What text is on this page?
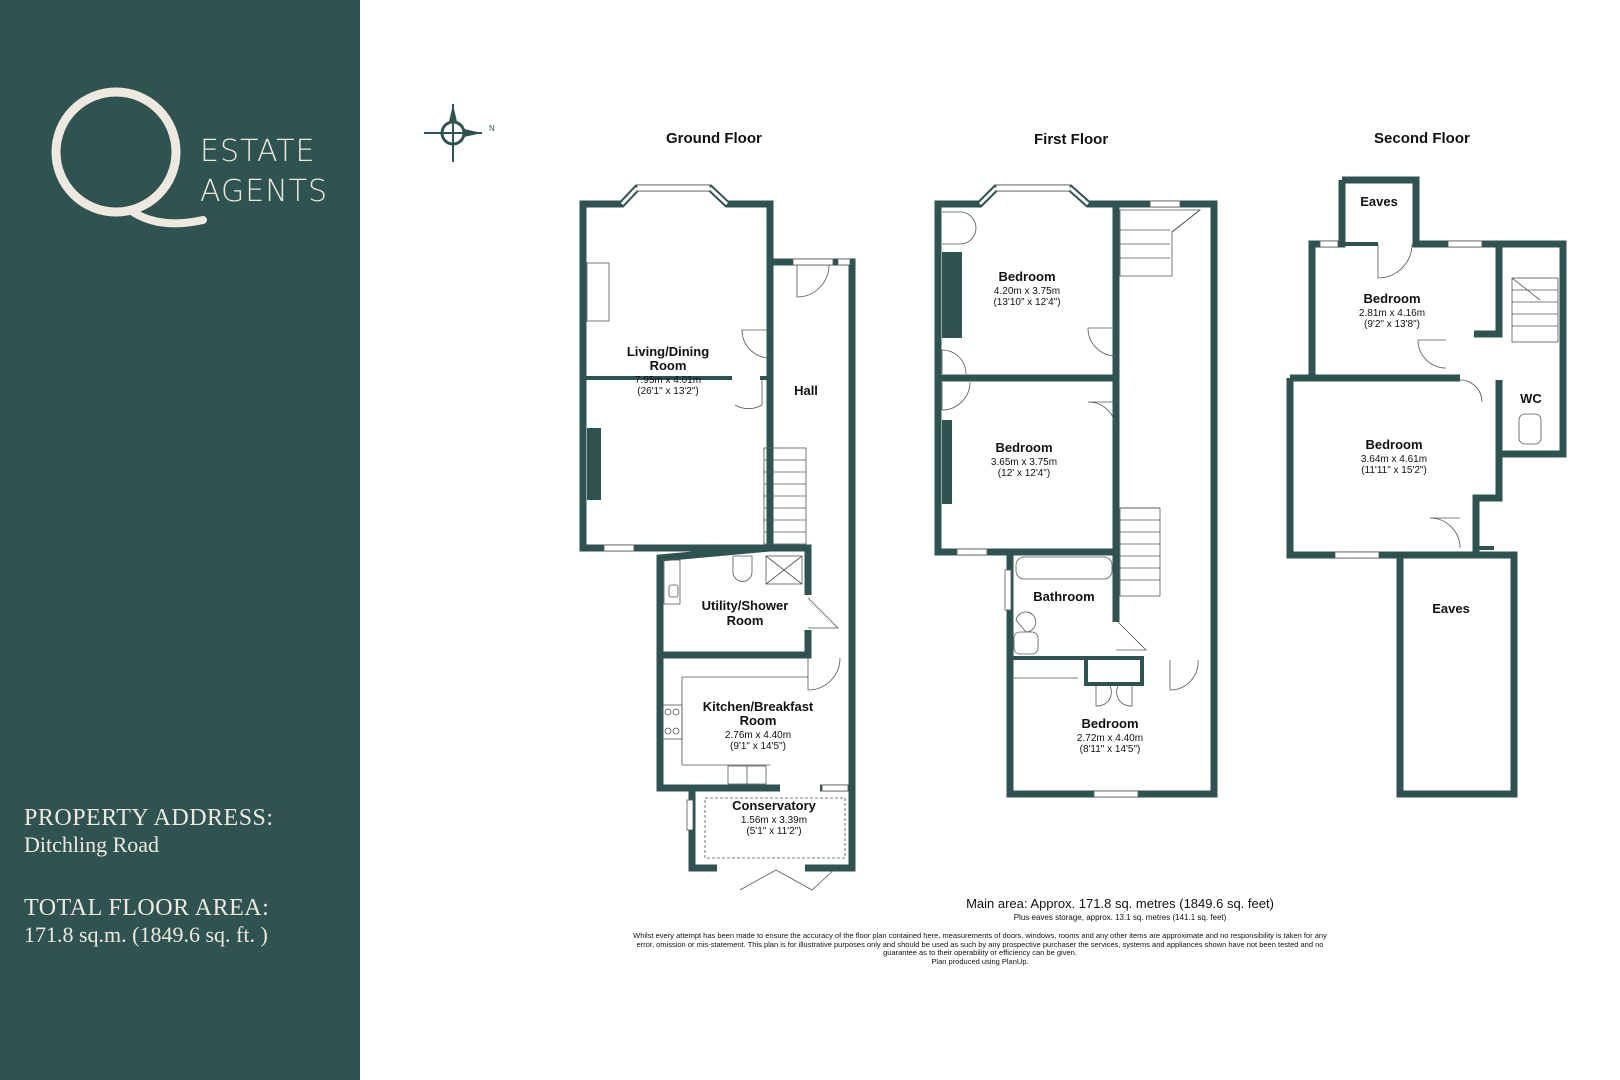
ESTATE
AGENTS
PROPERTY ADDRESS:
Ditchling Road
TOTAL FLOOR AREA:
171.8 sq.m. (1849.6 sq. ft. )
N
Living/Dining
Room
7.95m x 4.01m
(26'1" x 13'2")	Hall
Utility/Shower
Room
Kitchen/Breakfast
Room
2.76m x 4.40m
(9'1" x 14'5")
Conservatory
1.56m x 3.39m
(5'1" x 11'2")
Bedroom
4.20m x 3.75m
(13'10" x 12'4")
Bedroom
3.65m x 3.75m
(12' x 12'4")
Bathroom
Bedroom
2.72m x 4.40m
(8'11" x 14'5")
Eaves
Bedroom
2.81m x 4.16m
(9'2" x 13'8")
WC
Bedroom
3.64m x 4.61m
(11'11" x 15'2")
Eaves
Ground Floor	First Floor	Second Floor
Main area: Approx. 171.8 sq. metres (1849.6 sq. feet)
Plus eaves storage, approx. 13.1 sq. metres (141.1 sq. feet)
Whilst every attempt has been made to ensure the accuracy of the floor plan contained here, measurements of doors, windows, rooms and any other items are approximate and no responsibility is taken for any
error, omission or mis-statement. This plan is for illustrative purposes only and should be used as such by any prospective purchaser the services, systems and appliances shown have not been tested and no
guarantee as to their operability or efficiency can be given.
Plan produced using PlanUp.
